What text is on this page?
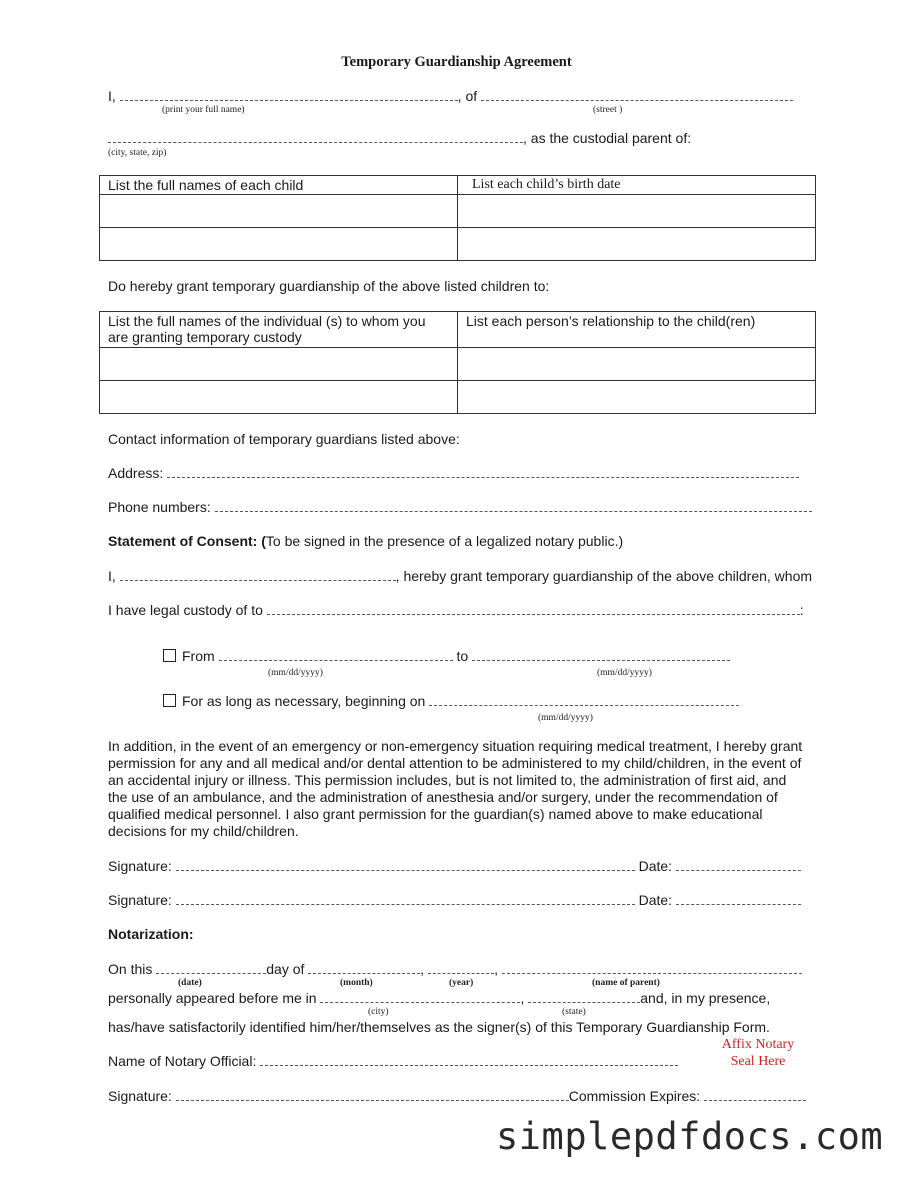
Temporary Guardianship Agreement
I,	, of
(print your full name)	(street )
, as the custodial parent of:
(city, state, zip)
List the full names of each child	List each child’s birth date

Do hereby grant temporary guardianship of the above listed children to:
List the full names of the individual (s) to whom you are granting temporary custody	List each person’s relationship to the child(ren)

Contact information of temporary guardians listed above:
Address:
Phone numbers:
Statement of Consent: (To be signed in the presence of a legalized notary public.)
I,	, hereby grant temporary guardianship of the above children, whom
I have legal custody of to	:
From	to
(mm/dd/yyyy)	(mm/dd/yyyy)
For as long as necessary, beginning on
(mm/dd/yyyy)
In addition, in the event of an emergency or non-emergency situation requiring medical treatment, I hereby grant permission for any and all medical and/or dental attention to be administered to my child/children, in the event of an accidental injury or illness. This permission includes, but is not limited to, the administration of first aid, and the use of an ambulance, and the administration of anesthesia and/or surgery, under the recommendation of qualified medical personnel. I also grant permission for the guardian(s) named above to make educational decisions for my child/children.
Signature:	Date:
Signature:	Date:
Notarization:
On this	day of	,	,
(date)	(month)	(year)	(name of parent)
personally appeared before me in	,	and, in my presence,
(city)	(state)
has/have satisfactorily identified him/her/themselves as the signer(s) of this Temporary Guardianship Form.
Affix Notary
Seal Here
Name of Notary Official:
Signature:	Commission Expires:
simplepdfdocs.com
